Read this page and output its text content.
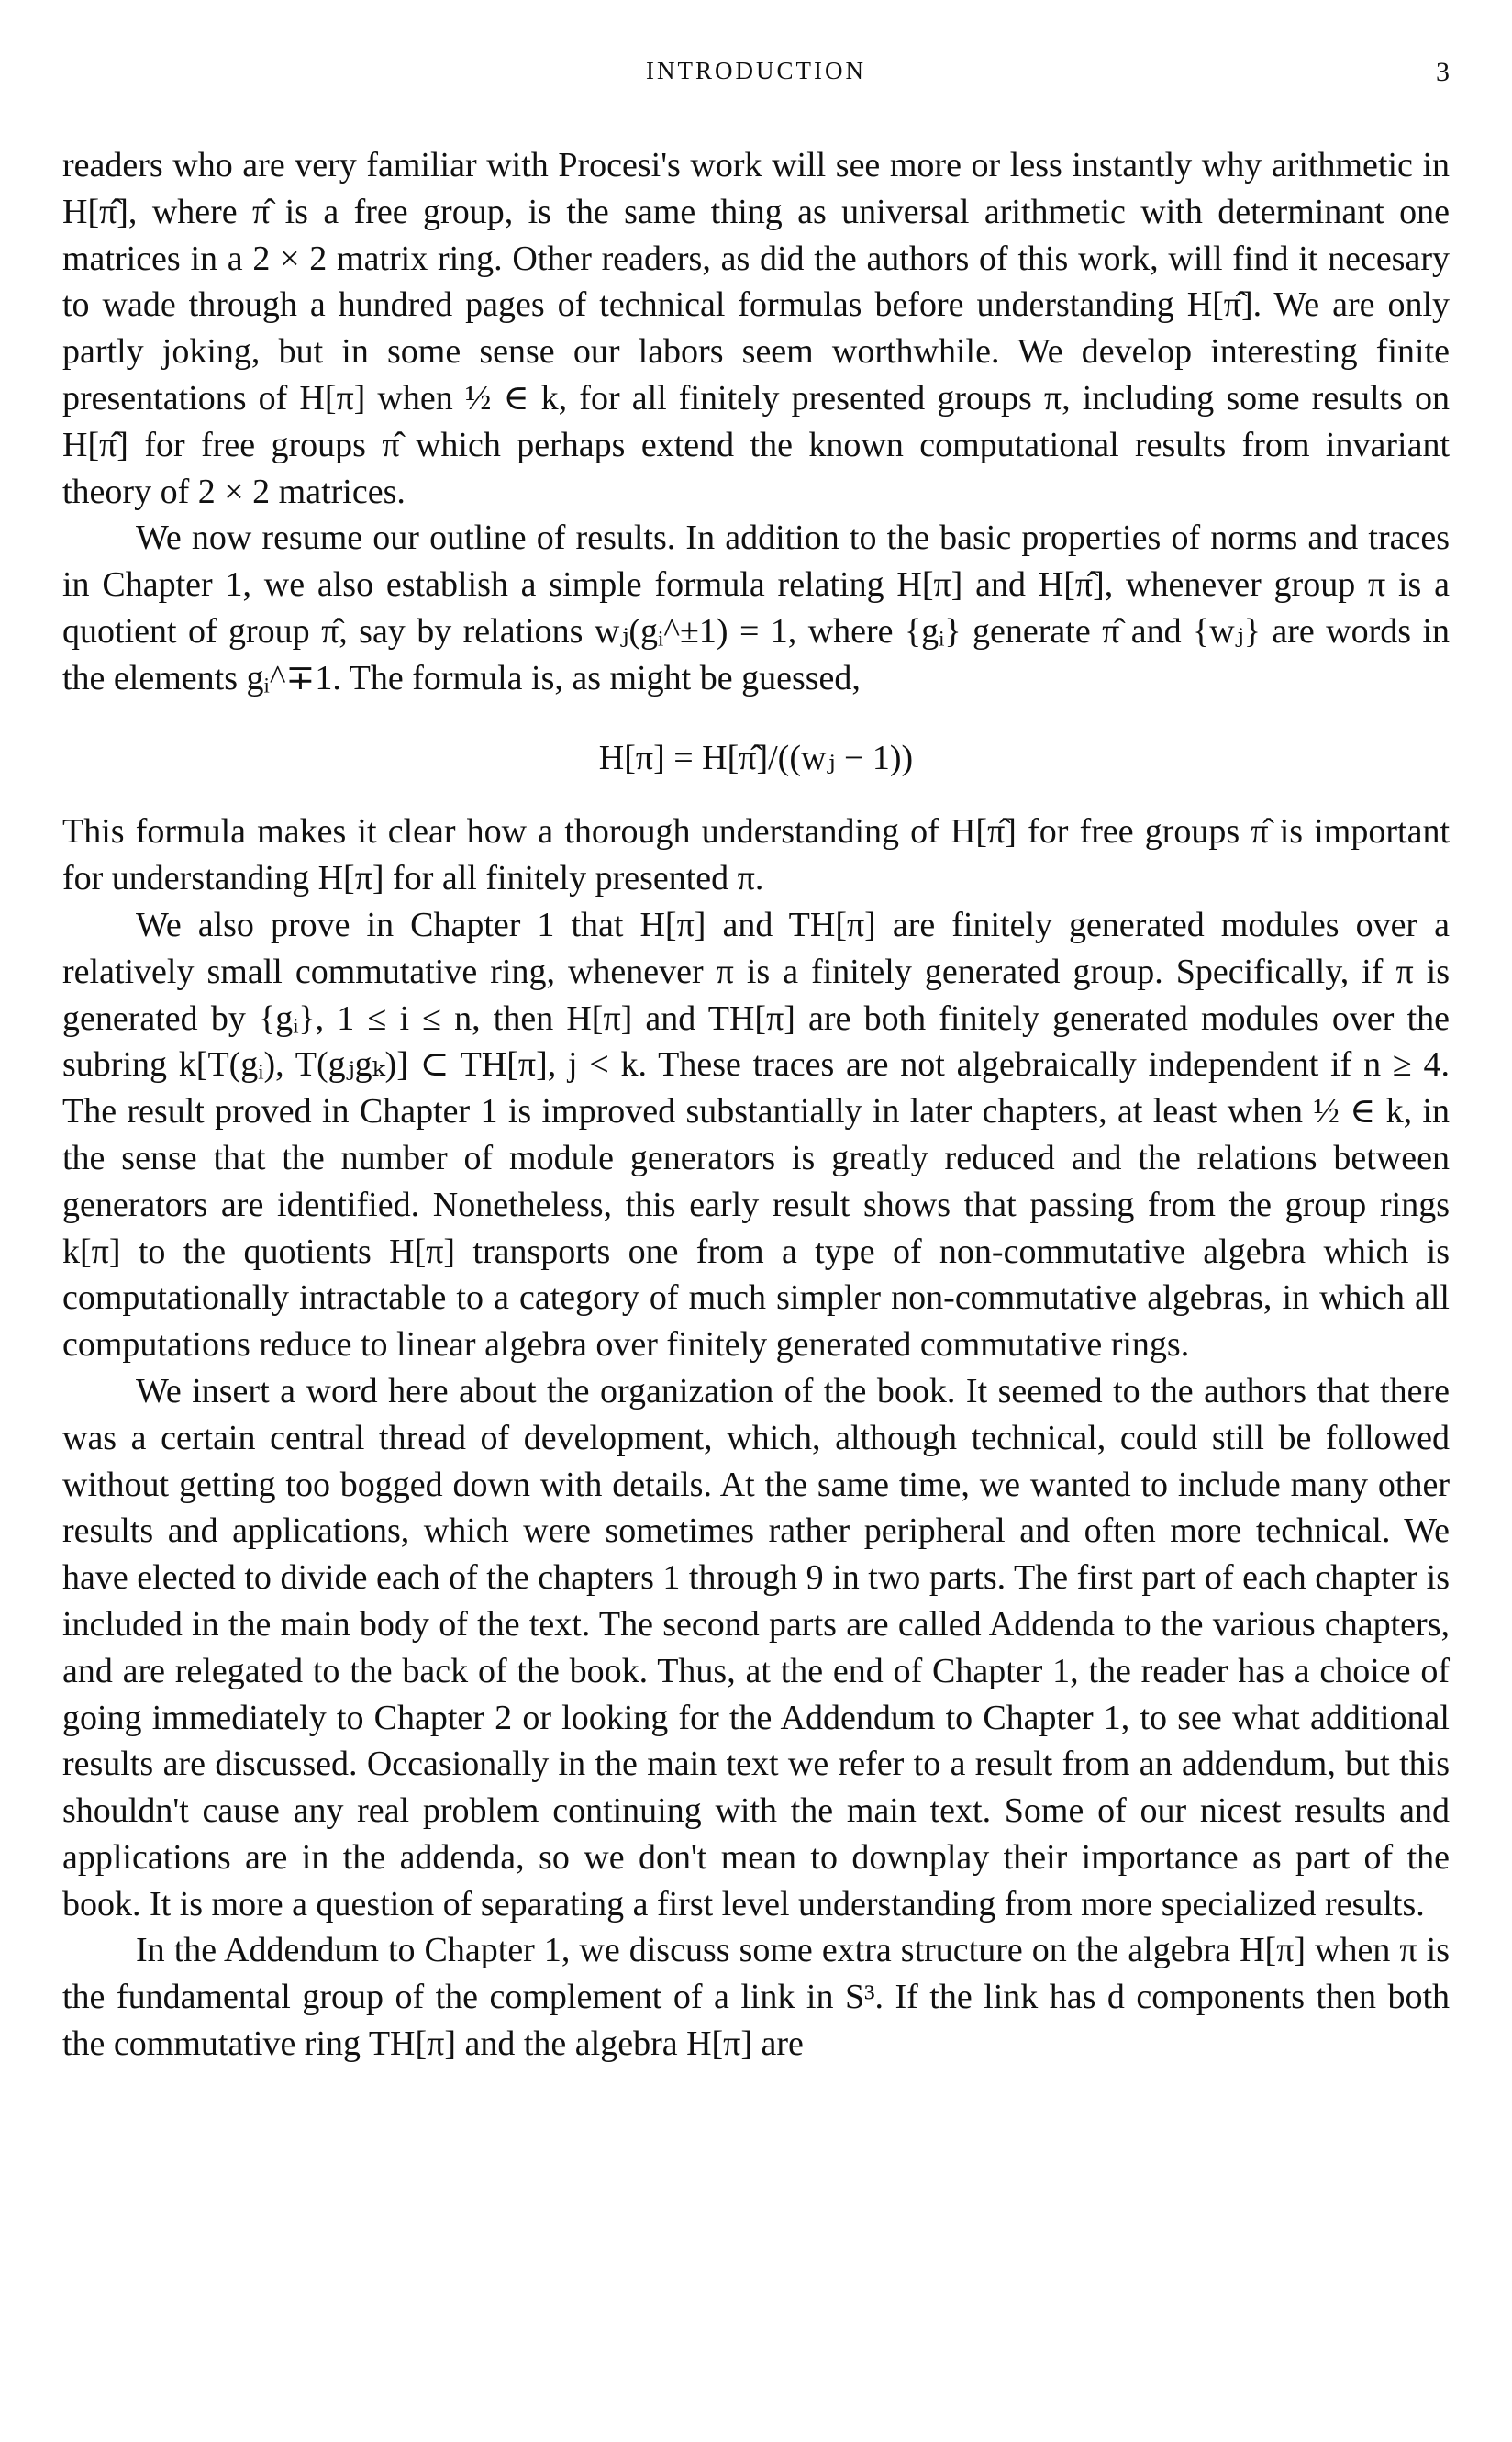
INTRODUCTION	3

readers who are very familiar with Procesi's work will see more or less instantly why arithmetic in H[π̂], where π̂ is a free group, is the same thing as universal arithmetic with determinant one matrices in a 2 × 2 matrix ring. Other readers, as did the authors of this work, will find it necesary to wade through a hundred pages of technical formulas before understanding H[π̂]. We are only partly joking, but in some sense our labors seem worthwhile. We develop interesting finite presentations of H[π] when ½ ∈ k, for all finitely presented groups π, including some results on H[π̂] for free groups π̂ which perhaps extend the known computational results from invariant theory of 2 × 2 matrices.

We now resume our outline of results. In addition to the basic properties of norms and traces in Chapter 1, we also establish a simple formula relating H[π] and H[π̂], whenever group π is a quotient of group π̂, say by relations wⱼ(gᵢ^±1) = 1, where {gᵢ} generate π̂ and {wⱼ} are words in the elements gᵢ^∓1. The formula is, as might be guessed,

H[π] = H[π̂]/((wⱼ − 1))

This formula makes it clear how a thorough understanding of H[π̂] for free groups π̂ is important for understanding H[π] for all finitely presented π.

We also prove in Chapter 1 that H[π] and TH[π] are finitely generated modules over a relatively small commutative ring, whenever π is a finitely generated group. Specifically, if π is generated by {gᵢ}, 1 ≤ i ≤ n, then H[π] and TH[π] are both finitely generated modules over the subring k[T(gᵢ), T(gⱼgₖ)] ⊂ TH[π], j < k. These traces are not algebraically independent if n ≥ 4. The result proved in Chapter 1 is improved substantially in later chapters, at least when ½ ∈ k, in the sense that the number of module generators is greatly reduced and the relations between generators are identified. Nonetheless, this early result shows that passing from the group rings k[π] to the quotients H[π] transports one from a type of non-commutative algebra which is computationally intractable to a category of much simpler non-commutative algebras, in which all computations reduce to linear algebra over finitely generated commutative rings.

We insert a word here about the organization of the book. It seemed to the authors that there was a certain central thread of development, which, although technical, could still be followed without getting too bogged down with details. At the same time, we wanted to include many other results and applications, which were sometimes rather peripheral and often more technical. We have elected to divide each of the chapters 1 through 9 in two parts. The first part of each chapter is included in the main body of the text. The second parts are called Addenda to the various chapters, and are relegated to the back of the book. Thus, at the end of Chapter 1, the reader has a choice of going immediately to Chapter 2 or looking for the Addendum to Chapter 1, to see what additional results are discussed. Occasionally in the main text we refer to a result from an addendum, but this shouldn't cause any real problem continuing with the main text. Some of our nicest results and applications are in the addenda, so we don't mean to downplay their importance as part of the book. It is more a question of separating a first level understanding from more specialized results.

In the Addendum to Chapter 1, we discuss some extra structure on the algebra H[π] when π is the fundamental group of the complement of a link in S³. If the link has d components then both the commutative ring TH[π] and the algebra H[π] are
